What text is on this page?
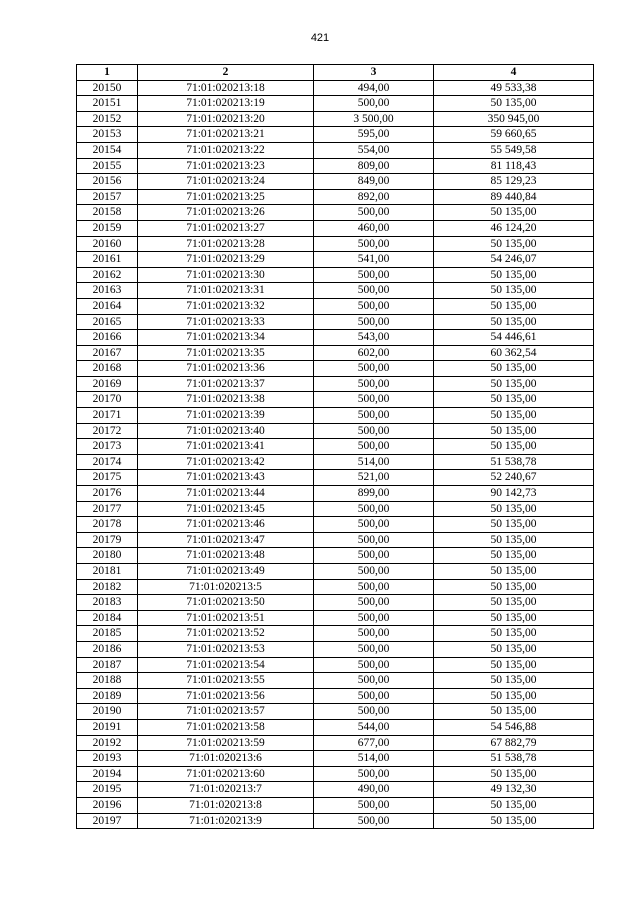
421
1	2	3	4
20150	71:01:020213:18	494,00	49 533,38
20151	71:01:020213:19	500,00	50 135,00
20152	71:01:020213:20	3 500,00	350 945,00
20153	71:01:020213:21	595,00	59 660,65
20154	71:01:020213:22	554,00	55 549,58
20155	71:01:020213:23	809,00	81 118,43
20156	71:01:020213:24	849,00	85 129,23
20157	71:01:020213:25	892,00	89 440,84
20158	71:01:020213:26	500,00	50 135,00
20159	71:01:020213:27	460,00	46 124,20
20160	71:01:020213:28	500,00	50 135,00
20161	71:01:020213:29	541,00	54 246,07
20162	71:01:020213:30	500,00	50 135,00
20163	71:01:020213:31	500,00	50 135,00
20164	71:01:020213:32	500,00	50 135,00
20165	71:01:020213:33	500,00	50 135,00
20166	71:01:020213:34	543,00	54 446,61
20167	71:01:020213:35	602,00	60 362,54
20168	71:01:020213:36	500,00	50 135,00
20169	71:01:020213:37	500,00	50 135,00
20170	71:01:020213:38	500,00	50 135,00
20171	71:01:020213:39	500,00	50 135,00
20172	71:01:020213:40	500,00	50 135,00
20173	71:01:020213:41	500,00	50 135,00
20174	71:01:020213:42	514,00	51 538,78
20175	71:01:020213:43	521,00	52 240,67
20176	71:01:020213:44	899,00	90 142,73
20177	71:01:020213:45	500,00	50 135,00
20178	71:01:020213:46	500,00	50 135,00
20179	71:01:020213:47	500,00	50 135,00
20180	71:01:020213:48	500,00	50 135,00
20181	71:01:020213:49	500,00	50 135,00
20182	71:01:020213:5	500,00	50 135,00
20183	71:01:020213:50	500,00	50 135,00
20184	71:01:020213:51	500,00	50 135,00
20185	71:01:020213:52	500,00	50 135,00
20186	71:01:020213:53	500,00	50 135,00
20187	71:01:020213:54	500,00	50 135,00
20188	71:01:020213:55	500,00	50 135,00
20189	71:01:020213:56	500,00	50 135,00
20190	71:01:020213:57	500,00	50 135,00
20191	71:01:020213:58	544,00	54 546,88
20192	71:01:020213:59	677,00	67 882,79
20193	71:01:020213:6	514,00	51 538,78
20194	71:01:020213:60	500,00	50 135,00
20195	71:01:020213:7	490,00	49 132,30
20196	71:01:020213:8	500,00	50 135,00
20197	71:01:020213:9	500,00	50 135,00
